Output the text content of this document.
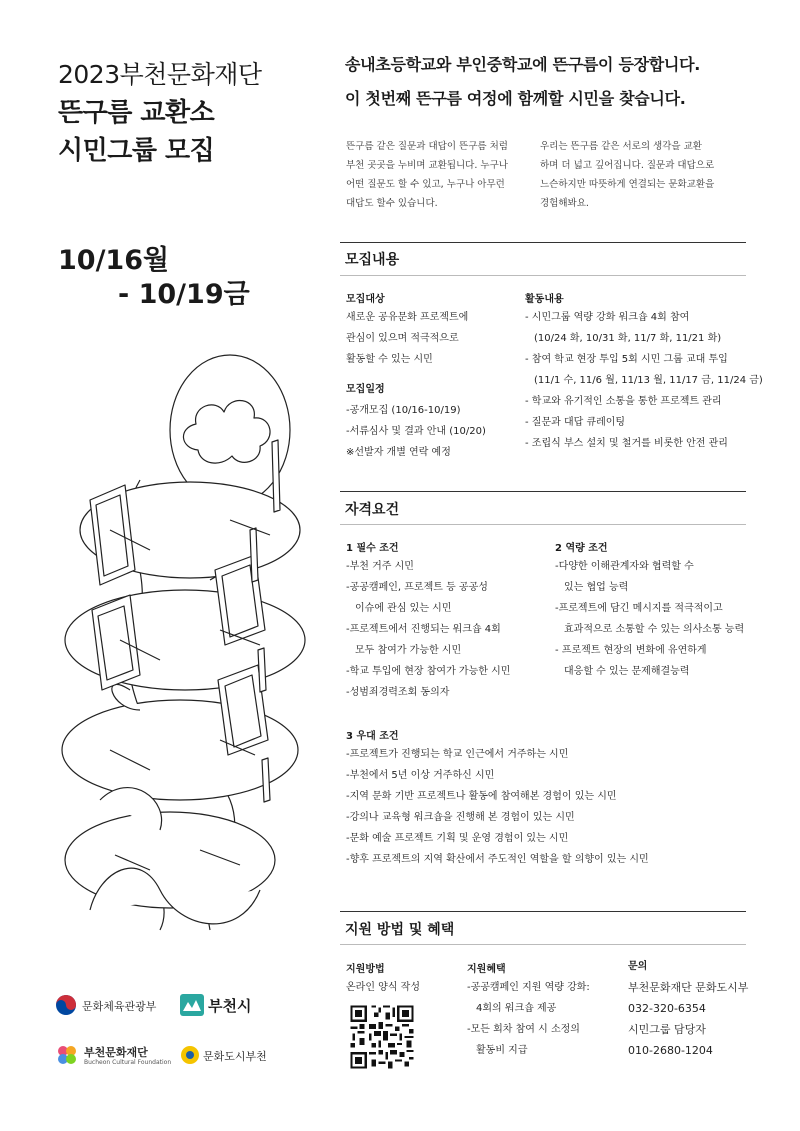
2023부천문화재단
뜬구름 교환소
시민그룹 모집
10/16월
- 10/19금
송내초등학교와 부인중학교에 뜬구름이 등장합니다.
이 첫번째 뜬구름 여정에 함께할 시민을 찾습니다.
뜬구름 같은 질문과 대답이 뜬구름 처럼
부천 곳곳을 누비며 교환됩니다. 누구나
어떤 질문도 할 수 있고, 누구나 아무런
대답도 할수 있습니다.
우리는 뜬구름 같은 서로의 생각을 교환
하며 더 넓고 깊어집니다. 질문과 대답으로
느슨하지만 따뜻하게 연결되는 문화교환을
경험해봐요.
모집내용
모집대상
새로운 공유문화 프로젝트에
관심이 있으며 적극적으로
활동할 수 있는 시민
모집일정
-공개모집 (10/16-10/19)
-서류심사 및 결과 안내 (10/20)
※선발자 개별 연락 예정
활동내용
- 시민그룹 역량 강화 워크숍 4회 참여
(10/24 화, 10/31 화, 11/7 화, 11/21 화)
- 참여 학교 현장 투입 5회 시민 그룹 교대 투입
(11/1 수, 11/6 월, 11/13 월, 11/17 금, 11/24 금)
- 학교와 유기적인 소통을 통한 프로젝트 관리
- 질문과 대답 큐레이팅
- 조립식 부스 설치 및 철거를 비롯한 안전 관리
자격요건
1 필수 조건
-부천 거주 시민
-공공캠페인, 프로젝트 등 공공성
이슈에 관심 있는 시민
-프로젝트에서 진행되는 워크숍 4회
모두 참여가 가능한 시민
-학교 투입에 현장 참여가 가능한 시민
-성범죄경력조회 동의자
2 역량 조건
-다양한 이해관계자와 협력할 수
있는 협업 능력
-프로젝트에 담긴 메시지를 적극적이고
효과적으로 소통할 수 있는 의사소통 능력
- 프로젝트 현장의 변화에 유연하게
대응할 수 있는 문제해결능력
3 우대 조건
-프로젝트가 진행되는 학교 인근에서 거주하는 시민
-부천에서 5년 이상 거주하신 시민
-지역 문화 기반 프로젝트나 활동에 참여해본 경험이 있는 시민
-강의나 교육형 워크숍을 진행해 본 경험이 있는 시민
-문화 예술 프로젝트 기획 및 운영 경험이 있는 시민
-향후 프로젝트의 지역 확산에서 주도적인 역할을 할 의향이 있는 시민
지원 방법 및 혜택
지원방법
온라인 양식 작성
지원혜택
-공공캠페인 지원 역량 강화:
4회의 워크숍 제공
-모든 회차 참여 시 소정의
활동비 지급
문의
부천문화재단 문화도시부
032-320-6354
시민그룹 담당자
010-2680-1204
문화체육관광부	부천시
부천문화재단
Bucheon Cultural Foundation	문화도시부천
